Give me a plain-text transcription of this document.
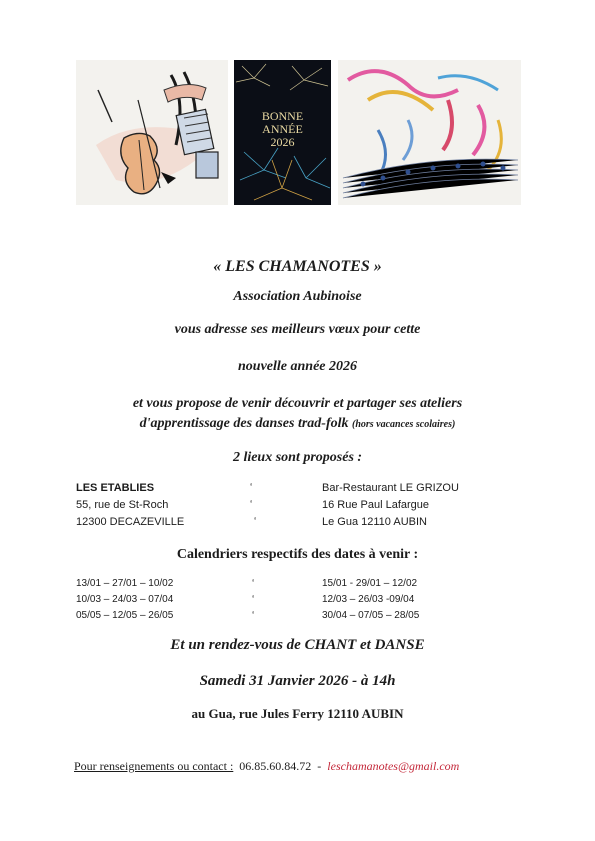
BONNE
ANNÉE
2026
« LES CHAMANOTES »
Association Aubinoise
vous adresse ses meilleurs vœux pour cette
nouvelle année 2026
et vous propose de venir découvrir et partager ses ateliers
d'apprentissage des danses trad-folk (hors vacances scolaires)
2 lieux sont proposés :
LES ETABLIES
55, rue de St-Roch
12300 DECAZEVILLE
‘
‘
‘
Bar-Restaurant LE GRIZOU
16 Rue Paul Lafargue
Le Gua 12110 AUBIN
Calendriers respectifs des dates à venir :
13/01 – 27/01 – 10/02
10/03 – 24/03 – 07/04
05/05 – 12/05 – 26/05
‘
‘
‘
15/01 - 29/01 – 12/02
12/03 – 26/03 -09/04
30/04 – 07/05 – 28/05
Et un rendez-vous de CHANT et DANSE
Samedi 31 Janvier 2026 - à 14h
au Gua, rue Jules Ferry 12110 AUBIN
Pour renseignements ou contact : 06.85.60.84.72 - leschamanotes@gmail.com
